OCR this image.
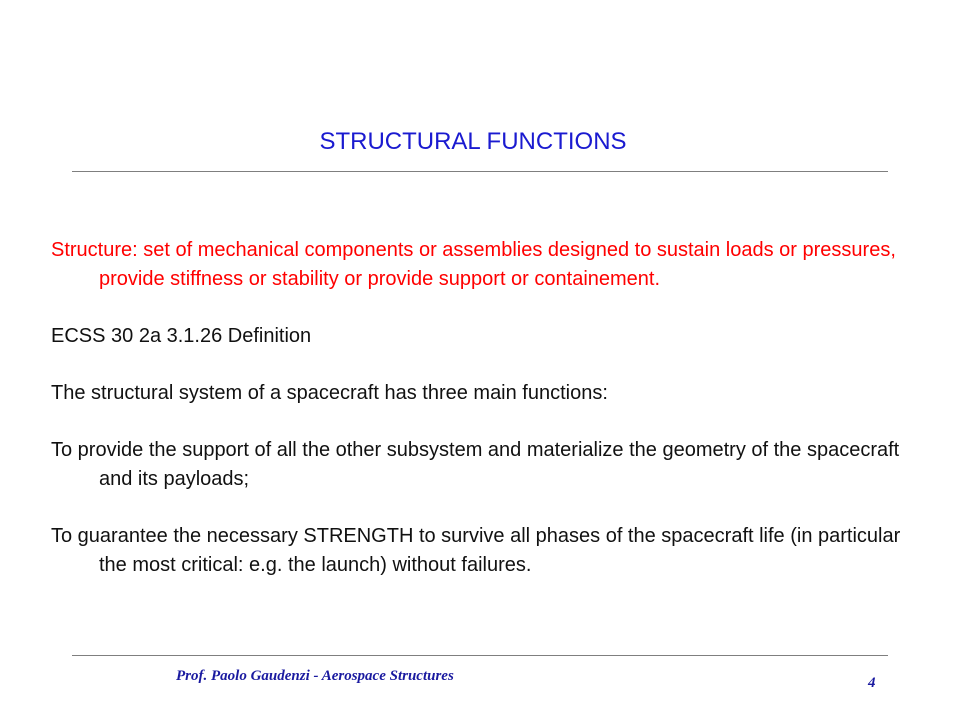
STRUCTURAL FUNCTIONS

Structure: set of mechanical components or assemblies designed to sustain loads or pressures, provide stiffness or stability or provide support or containement.

ECSS 30 2a 3.1.26 Definition

The structural system of a spacecraft has three main functions:

To provide the support of all the other subsystem and materialize the geometry of the spacecraft and its payloads;

To guarantee the necessary STRENGTH to survive all phases of the spacecraft life (in particular the most critical: e.g. the launch) without failures.

Prof. Paolo Gaudenzi - Aerospace Structures	4
